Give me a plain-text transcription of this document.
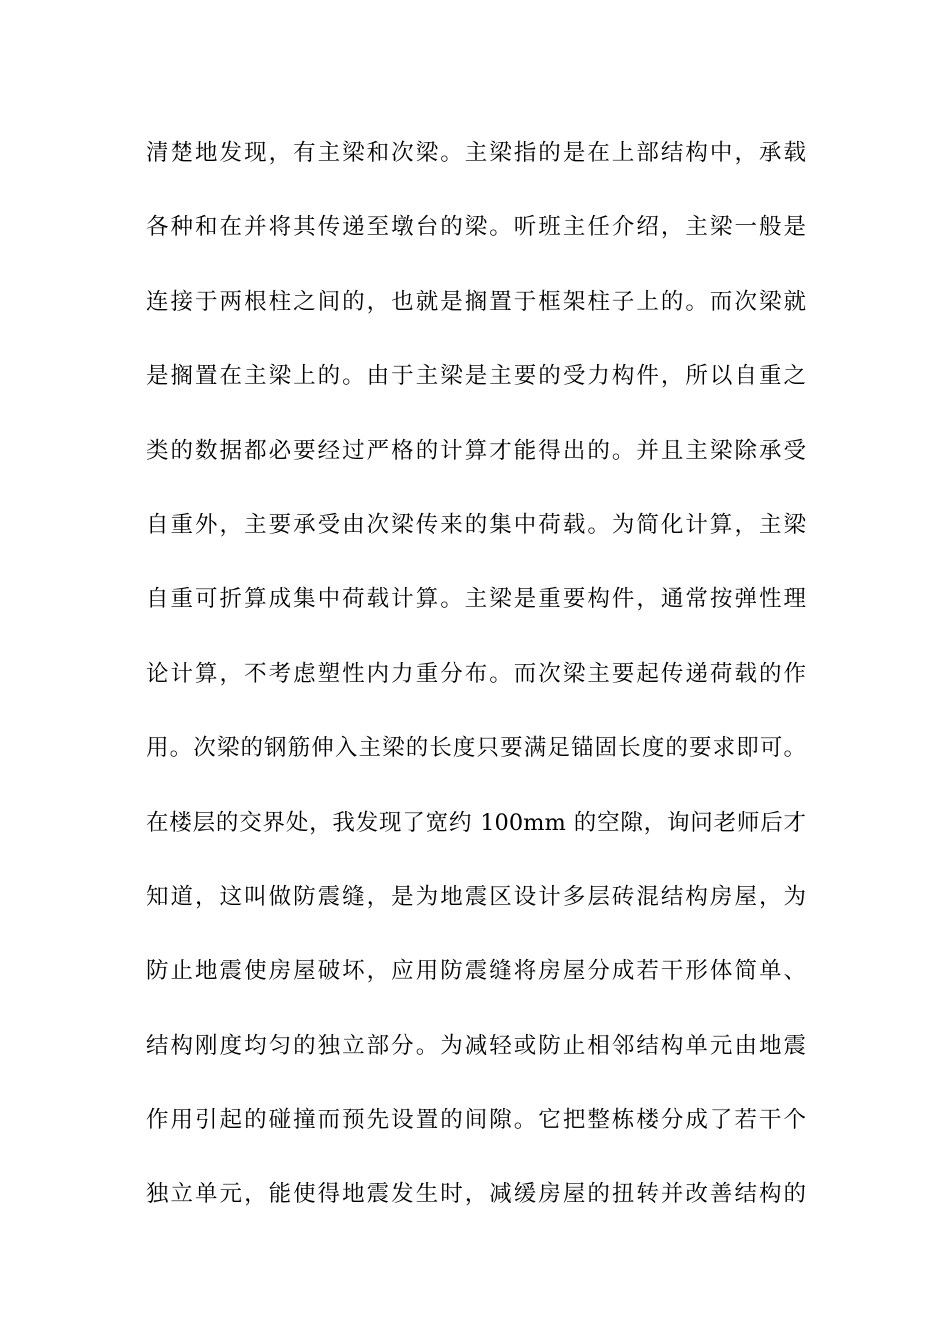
清楚地发现，有主梁和次梁。主梁指的是在上部结构中，承载
各种和在并将其传递至墩台的梁。听班主任介绍，主梁一般是
连接于两根柱之间的，也就是搁置于框架柱子上的。而次梁就
是搁置在主梁上的。由于主梁是主要的受力构件，所以自重之
类的数据都必要经过严格的计算才能得出的。并且主梁除承受
自重外，主要承受由次梁传来的集中荷载。为简化计算，主梁
自重可折算成集中荷载计算。主梁是重要构件，通常按弹性理
论计算，不考虑塑性内力重分布。而次梁主要起传递荷载的作
用。次梁的钢筋伸入主梁的长度只要满足锚固长度的要求即可。
在楼层的交界处，我发现了宽约 100mm 的空隙，询问老师后才
知道，这叫做防震缝，是为地震区设计多层砖混结构房屋，为
防止地震使房屋破坏，应用防震缝将房屋分成若干形体简单、
结构刚度均匀的独立部分。为减轻或防止相邻结构单元由地震
作用引起的碰撞而预先设置的间隙。它把整栋楼分成了若干个
独立单元，能使得地震发生时，减缓房屋的扭转并改善结构的
